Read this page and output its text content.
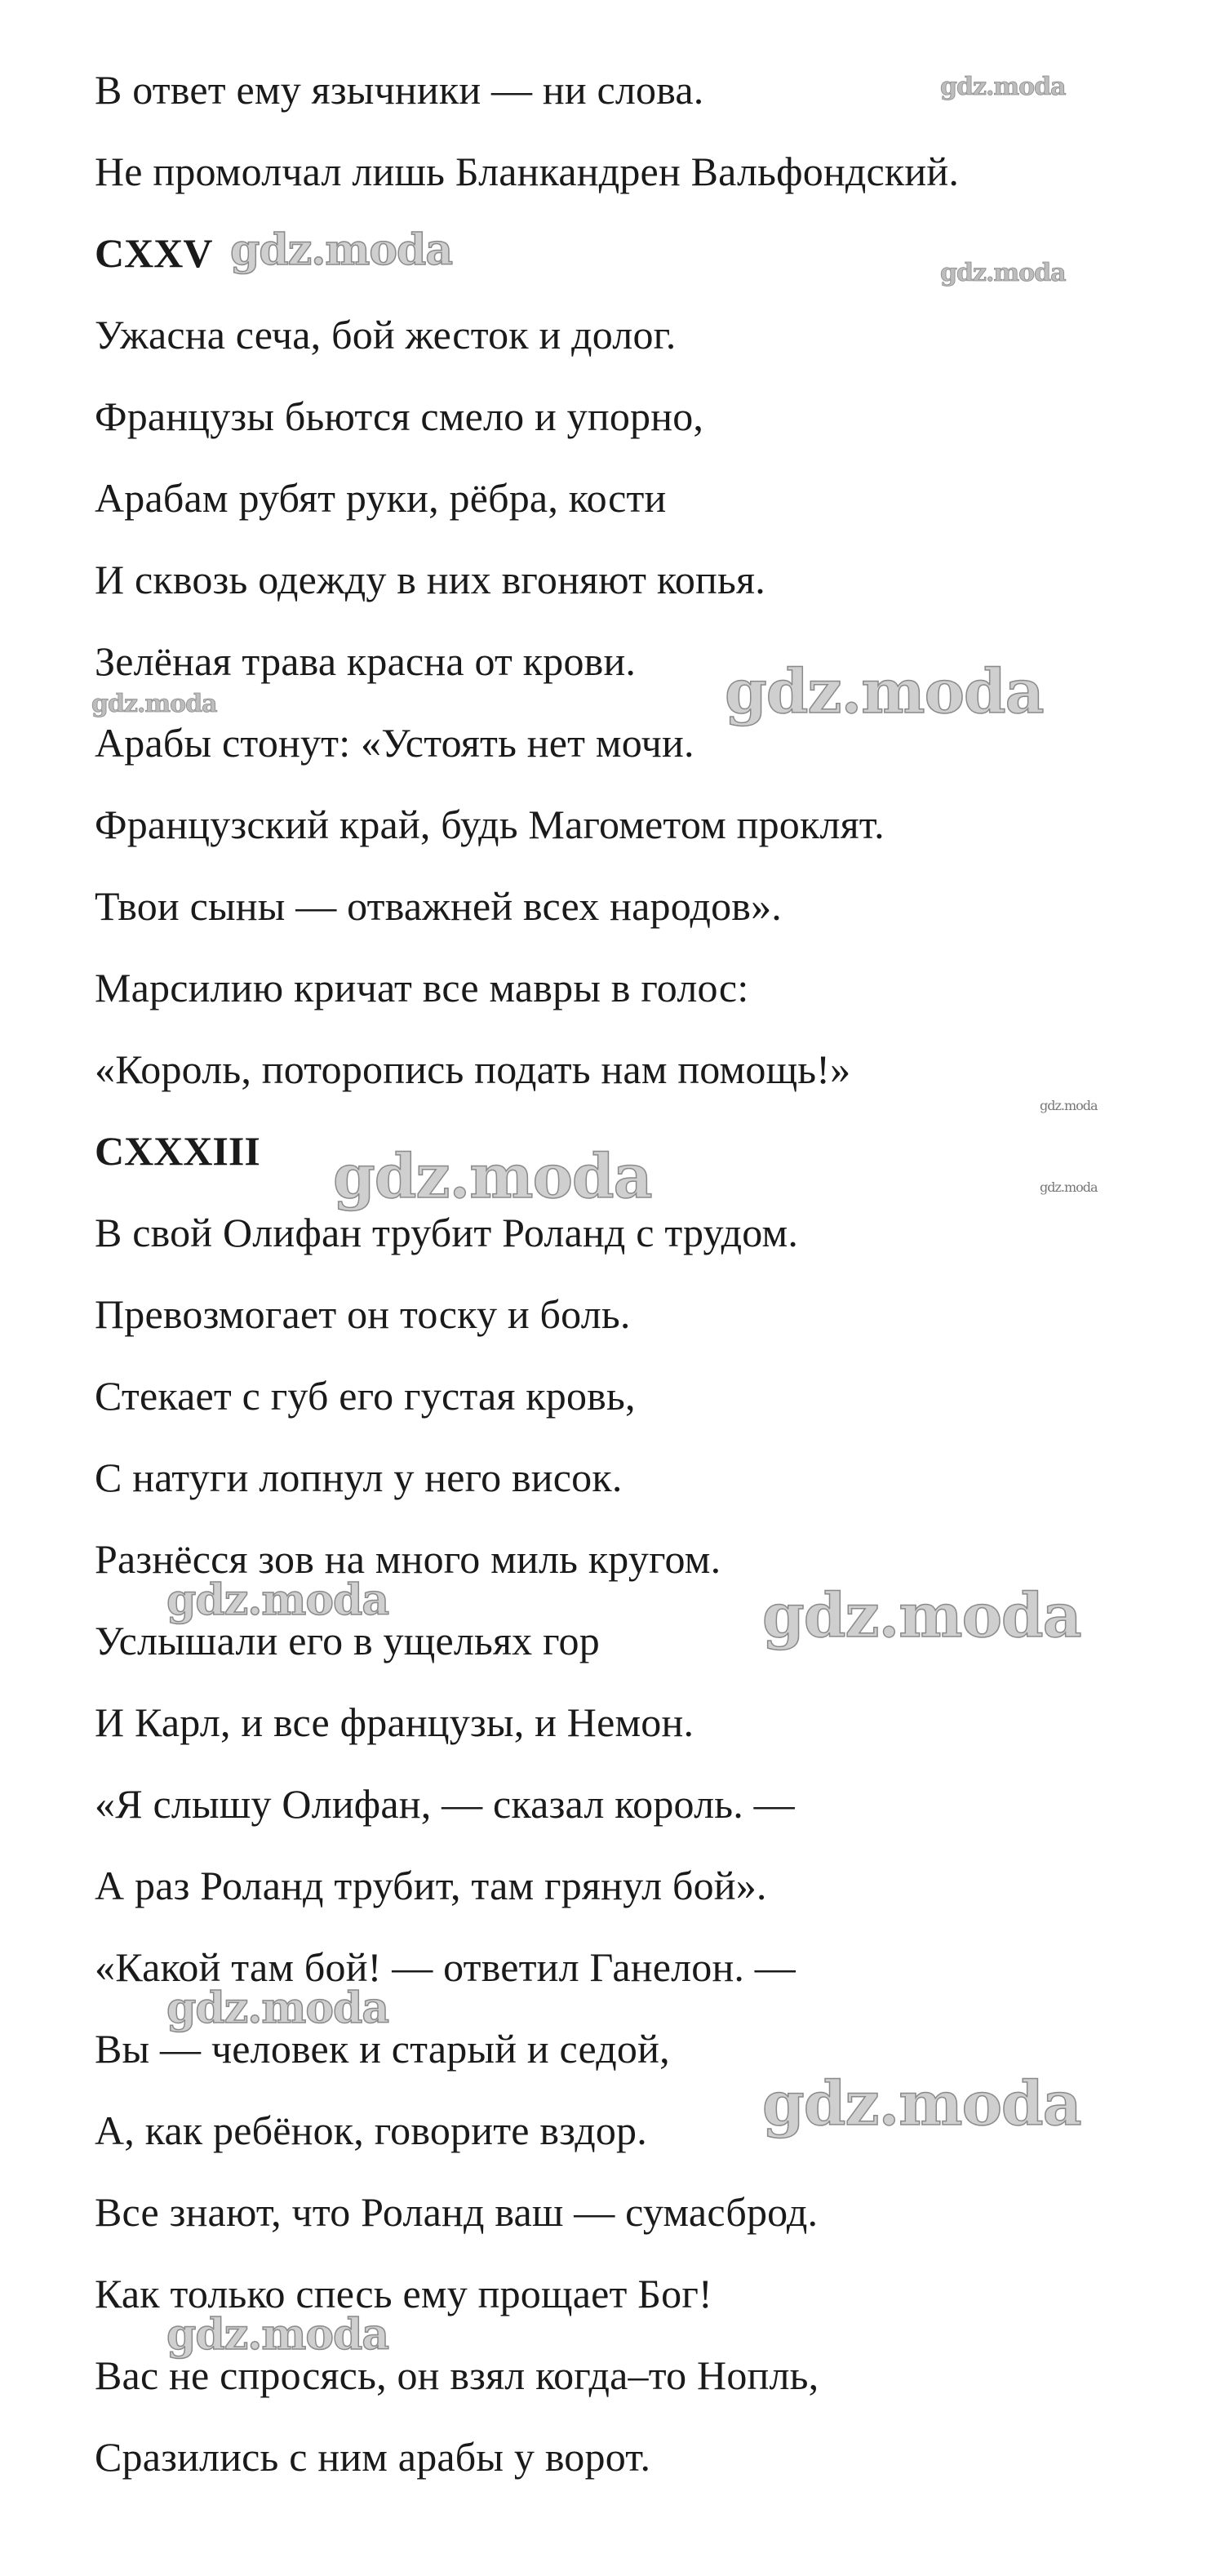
В ответ ему язычники — ни слова.
Не промолчал лишь Бланкандрен Вальфондский.
CXXV
Ужасна сеча, бой жесток и долог.
Французы бьются смело и упорно,
Арабам рубят руки, рёбра, кости
И сквозь одежду в них вгоняют копья.
Зелёная трава красна от крови.
Арабы стонут: «Устоять нет мочи.
Французский край, будь Магометом проклят.
Твои сыны — отважней всех народов».
Марсилию кричат все мавры в голос:
«Король, поторопись подать нам помощь!»
CXXXIII
В свой Олифан трубит Роланд с трудом.
Превозмогает он тоску и боль.
Стекает с губ его густая кровь,
С натуги лопнул у него висок.
Разнёсся зов на много миль кругом.
Услышали его в ущельях гор
И Карл, и все французы, и Немон.
«Я слышу Олифан, — сказал король. —
А раз Роланд трубит, там грянул бой».
«Какой там бой! — ответил Ганелон. —
Вы — человек и старый и седой,
А, как ребёнок, говорите вздор.
Все знают, что Роланд ваш — сумасброд.
Как только спесь ему прощает Бог!
Вас не спросясь, он взял когда–то Нопль,
Сразились с ним арабы у ворот.
gdz.moda
gdz.moda	gdz.moda
gdz.moda
gdz.moda
gdz.moda
gdz.moda	gdz.moda
gdz.moda	gdz.moda
gdz.moda
gdz.moda
gdz.moda
